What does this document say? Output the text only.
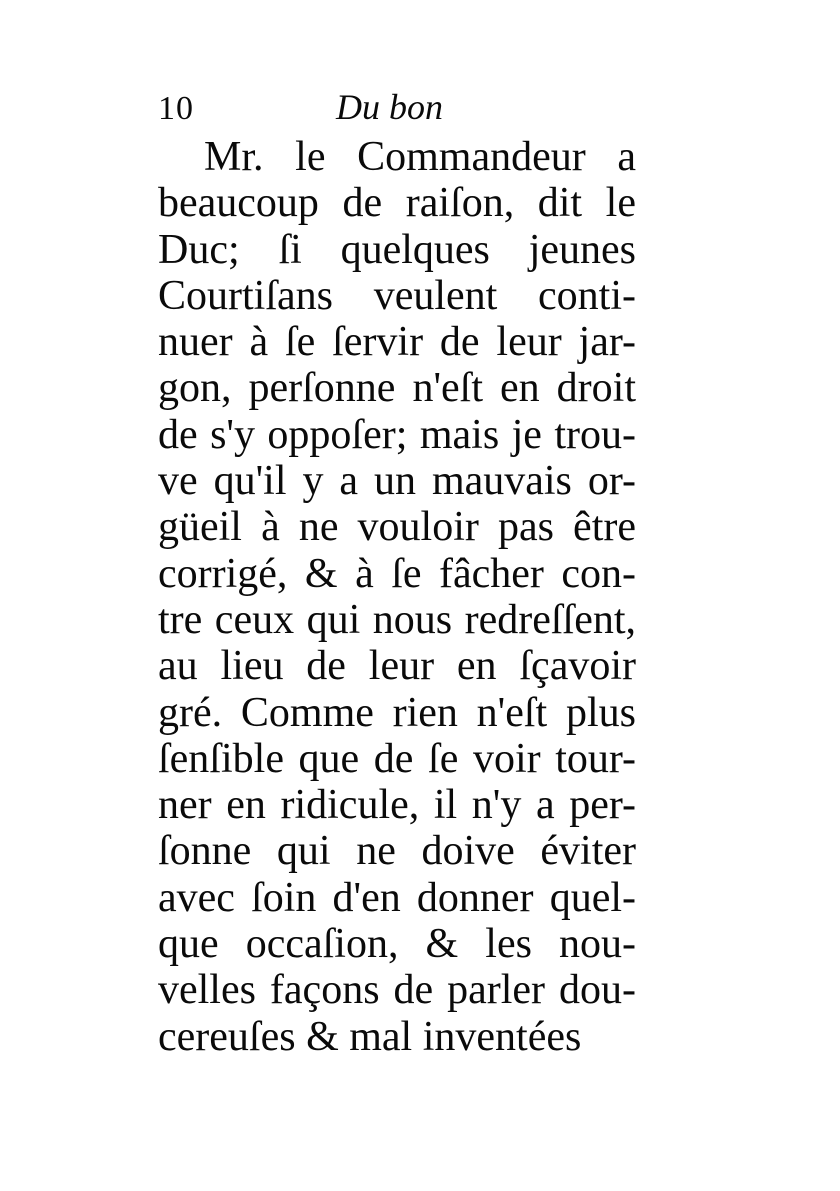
10	Du bon
Mr. le Commandeur a
beaucoup de raiſon, dit le
Duc; ſi quelques jeunes
Courtiſans veulent conti-
nuer à ſe ſervir de leur jar-
gon, perſonne n'eſt en droit
de s'y oppoſer; mais je trou-
ve qu'il y a un mauvais or-
güeil à ne vouloir pas être
corrigé, & à ſe fâcher con-
tre ceux qui nous redreſſent,
au lieu de leur en ſçavoir
gré. Comme rien n'eſt plus
ſenſible que de ſe voir tour-
ner en ridicule, il n'y a per-
ſonne qui ne doive éviter
avec ſoin d'en donner quel-
que occaſion, & les nou-
velles façons de parler dou-
cereuſes & mal inventées
